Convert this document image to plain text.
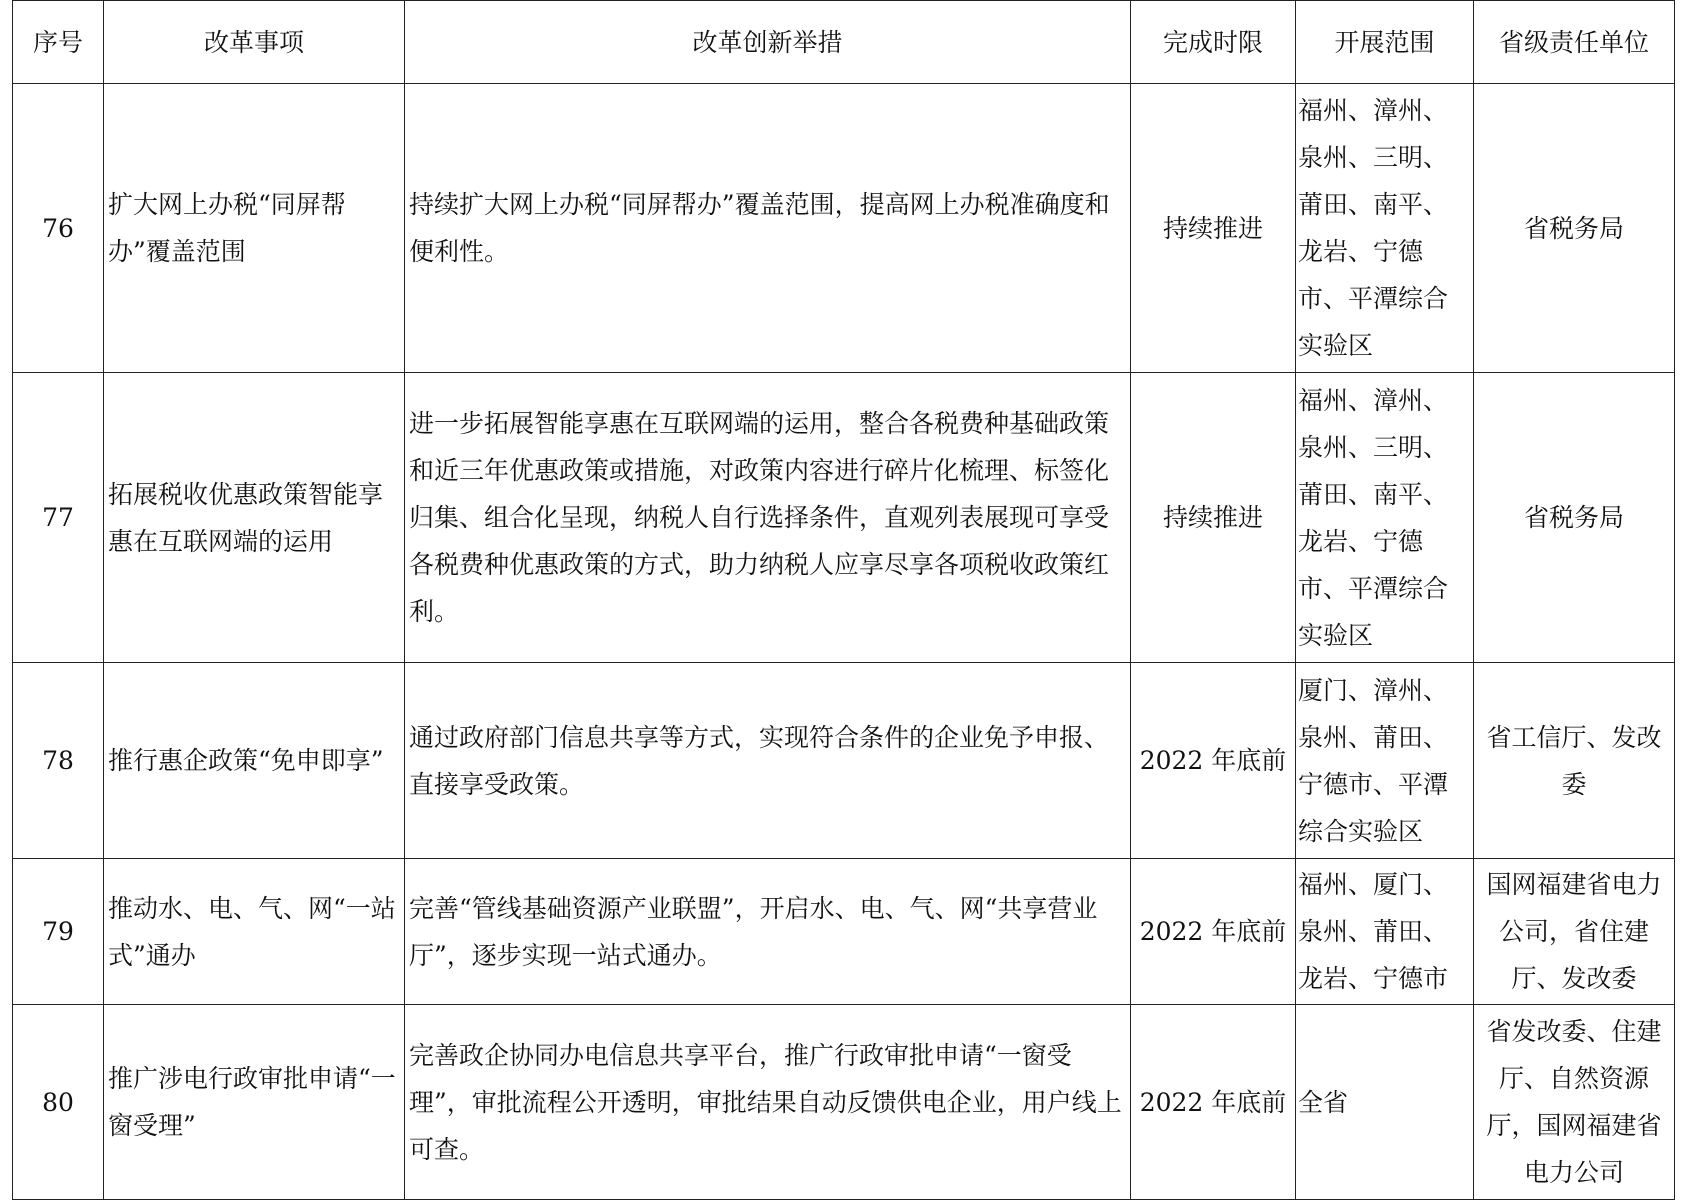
序号	改革事项	改革创新举措	完成时限	开展范围	省级责任单位
76	扩大网上办税“同屏帮办”覆盖范围	持续扩大网上办税“同屏帮办”覆盖范围，提高网上办税准确度和便利性。	持续推进	福州、漳州、泉州、三明、莆田、南平、龙岩、宁德市、平潭综合实验区	省税务局
77	拓展税收优惠政策智能享惠在互联网端的运用	进一步拓展智能享惠在互联网端的运用，整合各税费种基础政策和近三年优惠政策或措施，对政策内容进行碎片化梳理、标签化归集、组合化呈现，纳税人自行选择条件，直观列表展现可享受各税费种优惠政策的方式，助力纳税人应享尽享各项税收政策红利。	持续推进	福州、漳州、泉州、三明、莆田、南平、龙岩、宁德市、平潭综合实验区	省税务局
78	推行惠企政策“免申即享”	通过政府部门信息共享等方式，实现符合条件的企业免予申报、直接享受政策。	2022 年底前	厦门、漳州、泉州、莆田、宁德市、平潭综合实验区	省工信厅、发改委
79	推动水、电、气、网“一站式”通办	完善“管线基础资源产业联盟”，开启水、电、气、网“共享营业厅”，逐步实现一站式通办。	2022 年底前	福州、厦门、泉州、莆田、龙岩、宁德市	国网福建省电力公司，省住建厅、发改委
80	推广涉电行政审批申请“一窗受理”	完善政企协同办电信息共享平台，推广行政审批申请“一窗受理”，审批流程公开透明，审批结果自动反馈供电企业，用户线上可查。	2022 年底前	全省	省发改委、住建厅、自然资源厅，国网福建省电力公司
